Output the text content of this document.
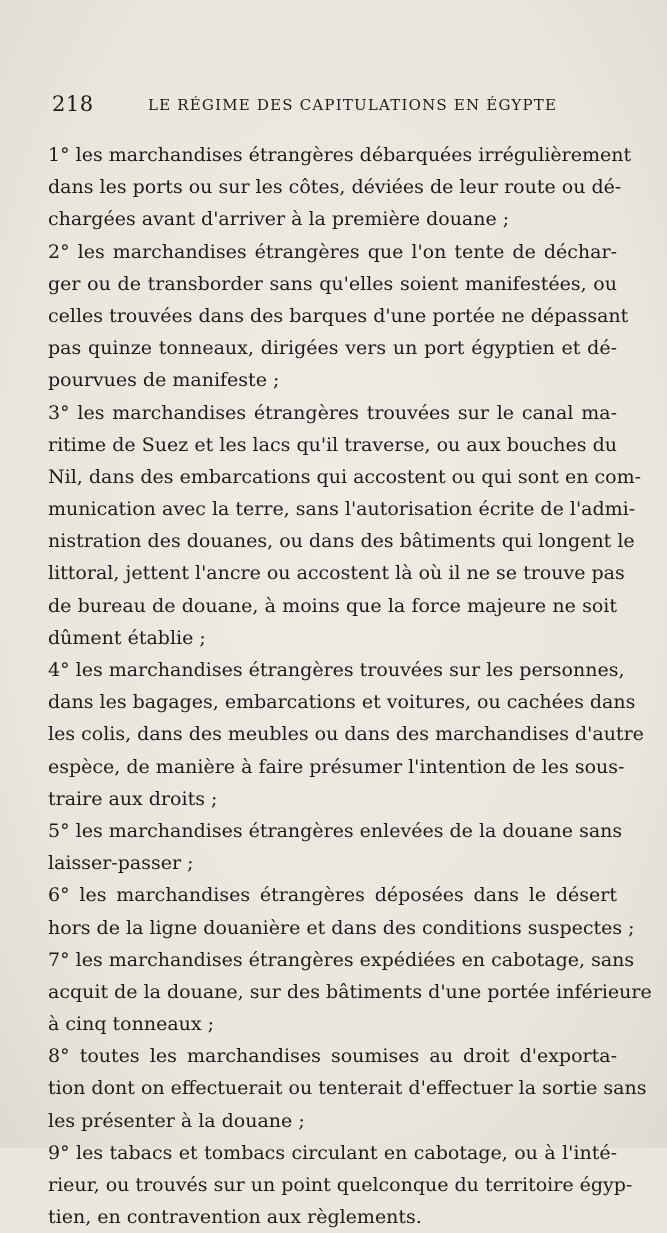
218	LE RÉGIME DES CAPITULATIONS EN ÉGYPTE
1° les marchandises étrangères débarquées irrégulièrement
dans les ports ou sur les côtes, déviées de leur route ou dé-
chargées avant d'arriver à la première douane ;
2° les marchandises étrangères que l'on tente de déchar-
ger ou de transborder sans qu'elles soient manifestées, ou
celles trouvées dans des barques d'une portée ne dépassant
pas quinze tonneaux, dirigées vers un port égyptien et dé-
pourvues de manifeste ;
3° les marchandises étrangères trouvées sur le canal ma-
ritime de Suez et les lacs qu'il traverse, ou aux bouches du
Nil, dans des embarcations qui accostent ou qui sont en com-
munication avec la terre, sans l'autorisation écrite de l'admi-
nistration des douanes, ou dans des bâtiments qui longent le
littoral, jettent l'ancre ou accostent là où il ne se trouve pas
de bureau de douane, à moins que la force majeure ne soit
dûment établie ;
4° les marchandises étrangères trouvées sur les personnes,
dans les bagages, embarcations et voitures, ou cachées dans
les colis, dans des meubles ou dans des marchandises d'autre
espèce, de manière à faire présumer l'intention de les sous-
traire aux droits ;
5° les marchandises étrangères enlevées de la douane sans
laisser-passer ;
6° les marchandises étrangères déposées dans le désert
hors de la ligne douanière et dans des conditions suspectes ;
7° les marchandises étrangères expédiées en cabotage, sans
acquit de la douane, sur des bâtiments d'une portée inférieure
à cinq tonneaux ;
8° toutes les marchandises soumises au droit d'exporta-
tion dont on effectuerait ou tenterait d'effectuer la sortie sans
les présenter à la douane ;
9° les tabacs et tombacs circulant en cabotage, ou à l'inté-
rieur, ou trouvés sur un point quelconque du territoire égyp-
tien, en contravention aux règlements.
